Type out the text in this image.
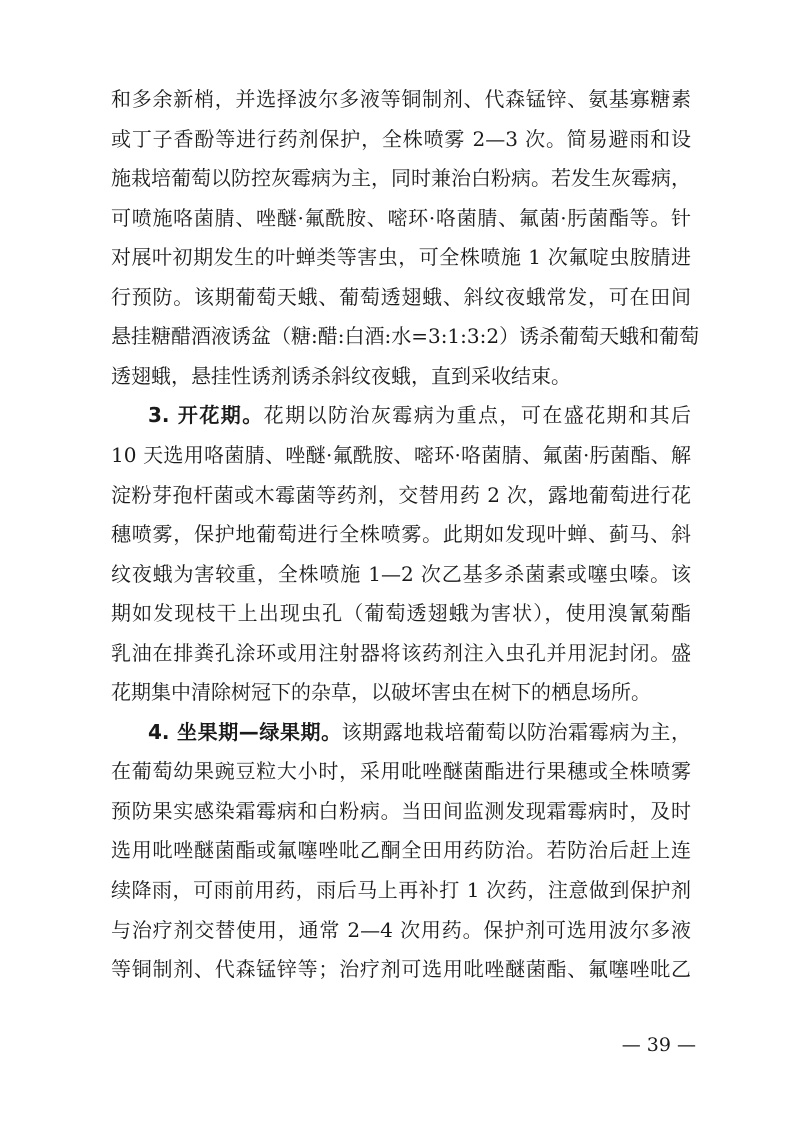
和多余新梢，并选择波尔多液等铜制剂、代森锰锌、氨基寡糖素
或丁子香酚等进行药剂保护，全株喷雾 2—3 次。简易避雨和设
施栽培葡萄以防控灰霉病为主，同时兼治白粉病。若发生灰霉病，
可喷施咯菌腈、唑醚·氟酰胺、嘧环·咯菌腈、氟菌·肟菌酯等。针
对展叶初期发生的叶蝉类等害虫，可全株喷施 1 次氟啶虫胺腈进
行预防。该期葡萄天蛾、葡萄透翅蛾、斜纹夜蛾常发，可在田间
悬挂糖醋酒液诱盆（糖:醋:白酒:水=3:1:3:2）诱杀葡萄天蛾和葡萄
透翅蛾，悬挂性诱剂诱杀斜纹夜蛾，直到采收结束。
3. 开花期。花期以防治灰霉病为重点，可在盛花期和其后
10 天选用咯菌腈、唑醚·氟酰胺、嘧环·咯菌腈、氟菌·肟菌酯、解
淀粉芽孢杆菌或木霉菌等药剂，交替用药 2 次，露地葡萄进行花
穗喷雾，保护地葡萄进行全株喷雾。此期如发现叶蝉、蓟马、斜
纹夜蛾为害较重，全株喷施 1—2 次乙基多杀菌素或噻虫嗪。该
期如发现枝干上出现虫孔（葡萄透翅蛾为害状），使用溴氰菊酯
乳油在排粪孔涂环或用注射器将该药剂注入虫孔并用泥封闭。盛
花期集中清除树冠下的杂草，以破坏害虫在树下的栖息场所。
4. 坐果期—绿果期。该期露地栽培葡萄以防治霜霉病为主，
在葡萄幼果豌豆粒大小时，采用吡唑醚菌酯进行果穗或全株喷雾
预防果实感染霜霉病和白粉病。当田间监测发现霜霉病时，及时
选用吡唑醚菌酯或氟噻唑吡乙酮全田用药防治。若防治后赶上连
续降雨，可雨前用药，雨后马上再补打 1 次药，注意做到保护剂
与治疗剂交替使用，通常 2—4 次用药。保护剂可选用波尔多液
等铜制剂、代森锰锌等；治疗剂可选用吡唑醚菌酯、氟噻唑吡乙
— 39 —
